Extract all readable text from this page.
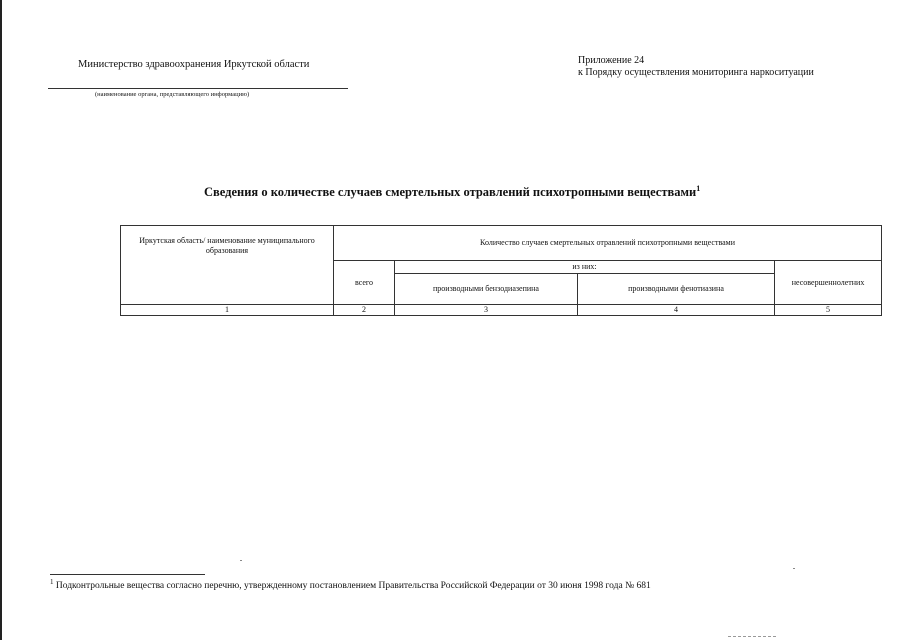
Министерство здравоохранения Иркутской области
(наименование органа, представляющего информацию)
Приложение 24
к Порядку осуществления мониторинга наркоситуации
Сведения о количестве случаев смертельных отравлений психотропными веществами$^1$
Иркутская область/ наименование муниципального образования	Количество случаев смертельных отравлений психотропными веществами			
	всего	из них:		несовершеннолетних
		производными бензодиазепина	производными фенотиазина	
1	2	3	4	5
$^1$ Подконтрольные вещества согласно перечню, утвержденному постановлением Правительства Российской Федерации от 30 июня 1998 года № 681
